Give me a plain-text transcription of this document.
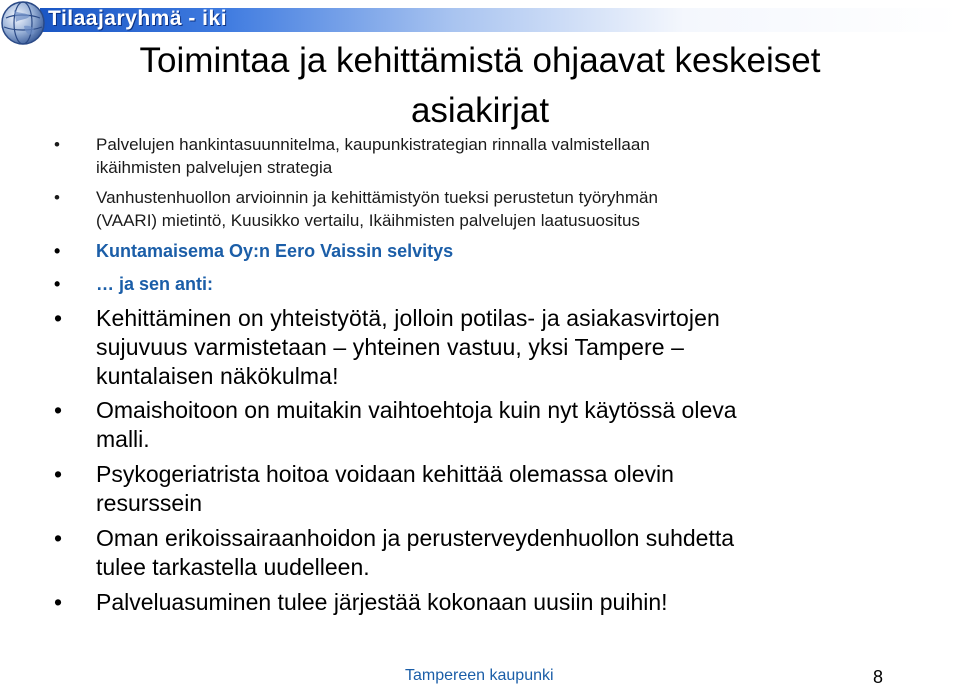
Tilaajaryhmä - iki
Toimintaa ja kehittämistä ohjaavat keskeiset
asiakirjat
• Palvelujen hankintasuunnitelma, kaupunkistrategian rinnalla valmistellaan
ikäihmisten palvelujen strategia
• Vanhustenhuollon arvioinnin ja kehittämistyön tueksi perustetun työryhmän
(VAARI) mietintö, Kuusikko vertailu, Ikäihmisten palvelujen laatusuositus
• Kuntamaisema Oy:n Eero Vaissin selvitys
• … ja sen anti:
• Kehittäminen on yhteistyötä, jolloin potilas- ja asiakasvirtojen
sujuvuus varmistetaan – yhteinen vastuu, yksi Tampere –
kuntalaisen näkökulma!
• Omaishoitoon on muitakin vaihtoehtoja kuin nyt käytössä oleva
malli.
• Psykogeriatrista hoitoa voidaan kehittää olemassa olevin
resurssein
• Oman erikoissairaanhoidon ja perusterveydenhuollon suhdetta
tulee tarkastella uudelleen.
• Palveluasuminen tulee järjestää kokonaan uusiin puihin!
Tampereen kaupunki	8
